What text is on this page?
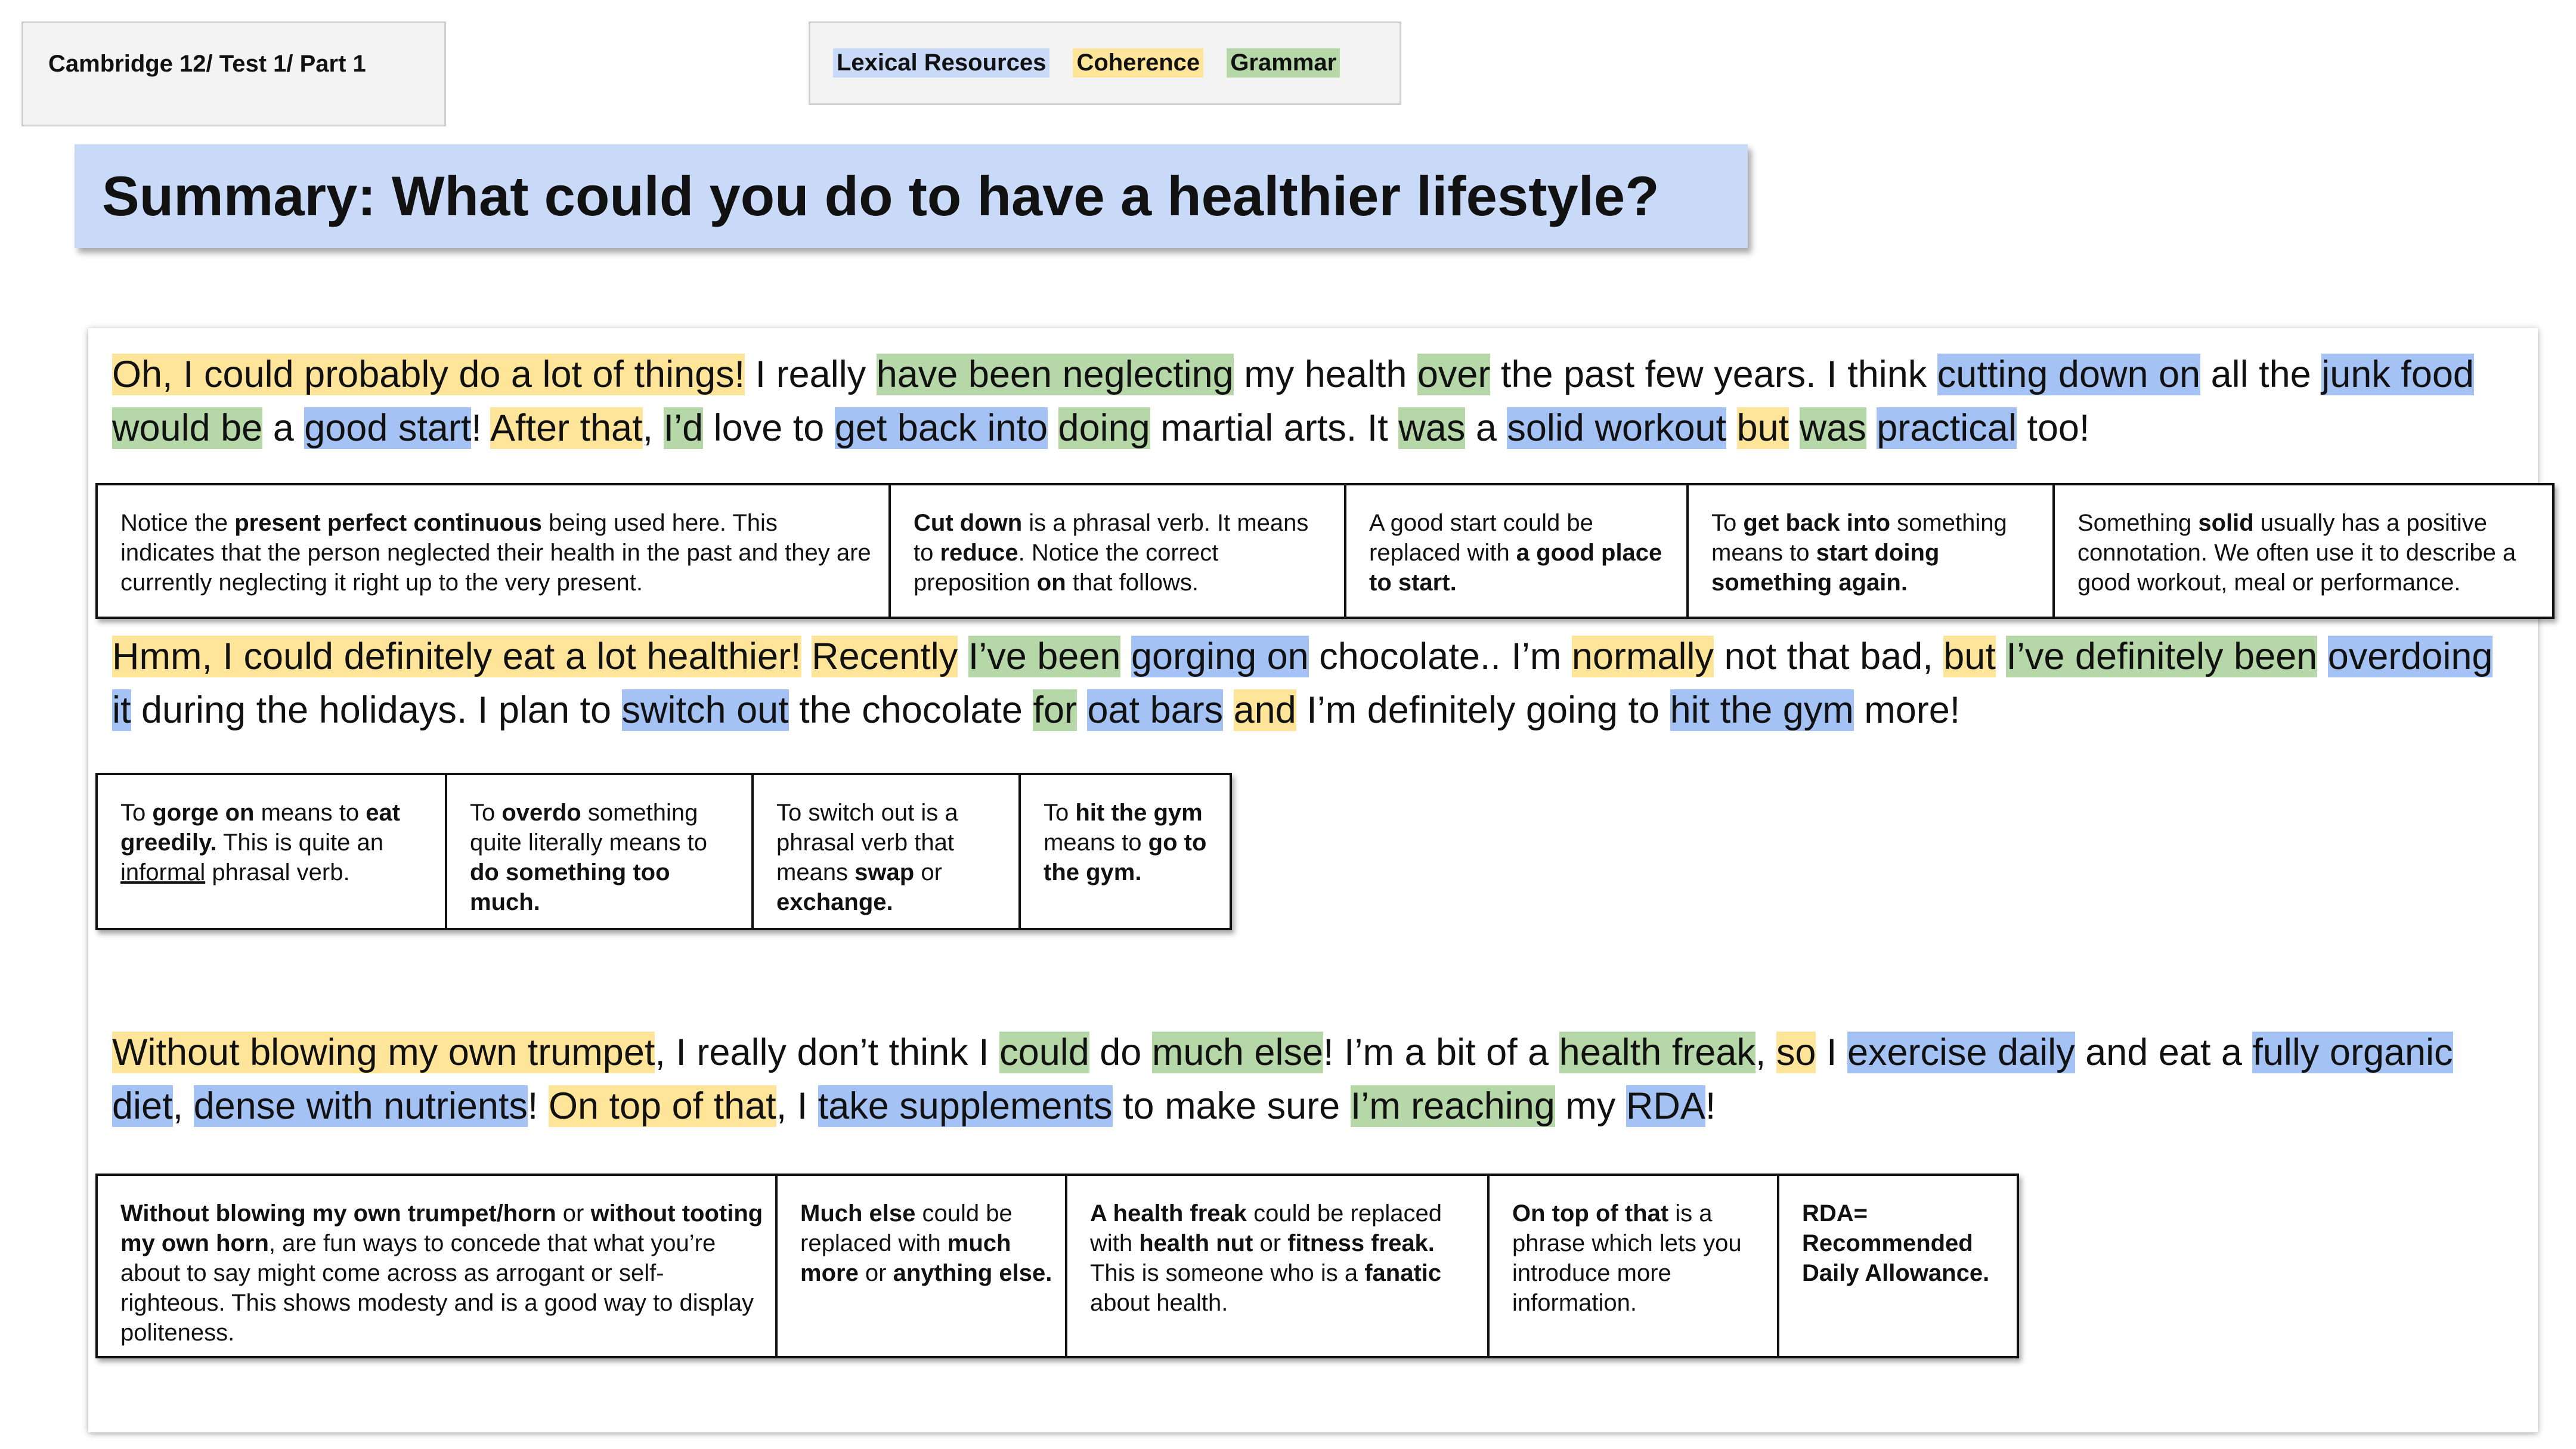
Cambridge 12/ Test 1/ Part 1	Lexical Resources Coherence Grammar
Summary: What could you do to have a healthier lifestyle?

Oh, I could probably do a lot of things! I really have been neglecting my health over the past few years. I think cutting down on all the junk food would be a good start! After that, I’d love to get back into doing martial arts. It was a solid workout but was practical too!

Notice the present perfect continuous being used here. This indicates that the person neglected their health in the past and they are currently neglecting it right up to the very present.
Cut down is a phrasal verb. It means to reduce. Notice the correct preposition on that follows.
A good start could be replaced with a good place to start.
To get back into something means to start doing something again.
Something solid usually has a positive connotation. We often use it to describe a good workout, meal or performance.

Hmm, I could definitely eat a lot healthier! Recently I’ve been gorging on chocolate.. I’m normally not that bad, but I’ve definitely been overdoing it during the holidays. I plan to switch out the chocolate for oat bars and I’m definitely going to hit the gym more!

To gorge on means to eat greedily. This is quite an informal phrasal verb.
To overdo something quite literally means to do something too much.
To switch out is a phrasal verb that means swap or exchange.
To hit the gym means to go to the gym.

Without blowing my own trumpet, I really don’t think I could do much else! I’m a bit of a health freak, so I exercise daily and eat a fully organic diet, dense with nutrients! On top of that, I take supplements to make sure I’m reaching my RDA!

Without blowing my own trumpet/horn or without tooting my own horn, are fun ways to concede that what you’re about to say might come across as arrogant or self-righteous. This shows modesty and is a good way to display politeness.
Much else could be replaced with much more or anything else.
A health freak could be replaced with health nut or fitness freak. This is someone who is a fanatic about health.
On top of that is a phrase which lets you introduce more information.
RDA= Recommended Daily Allowance.
